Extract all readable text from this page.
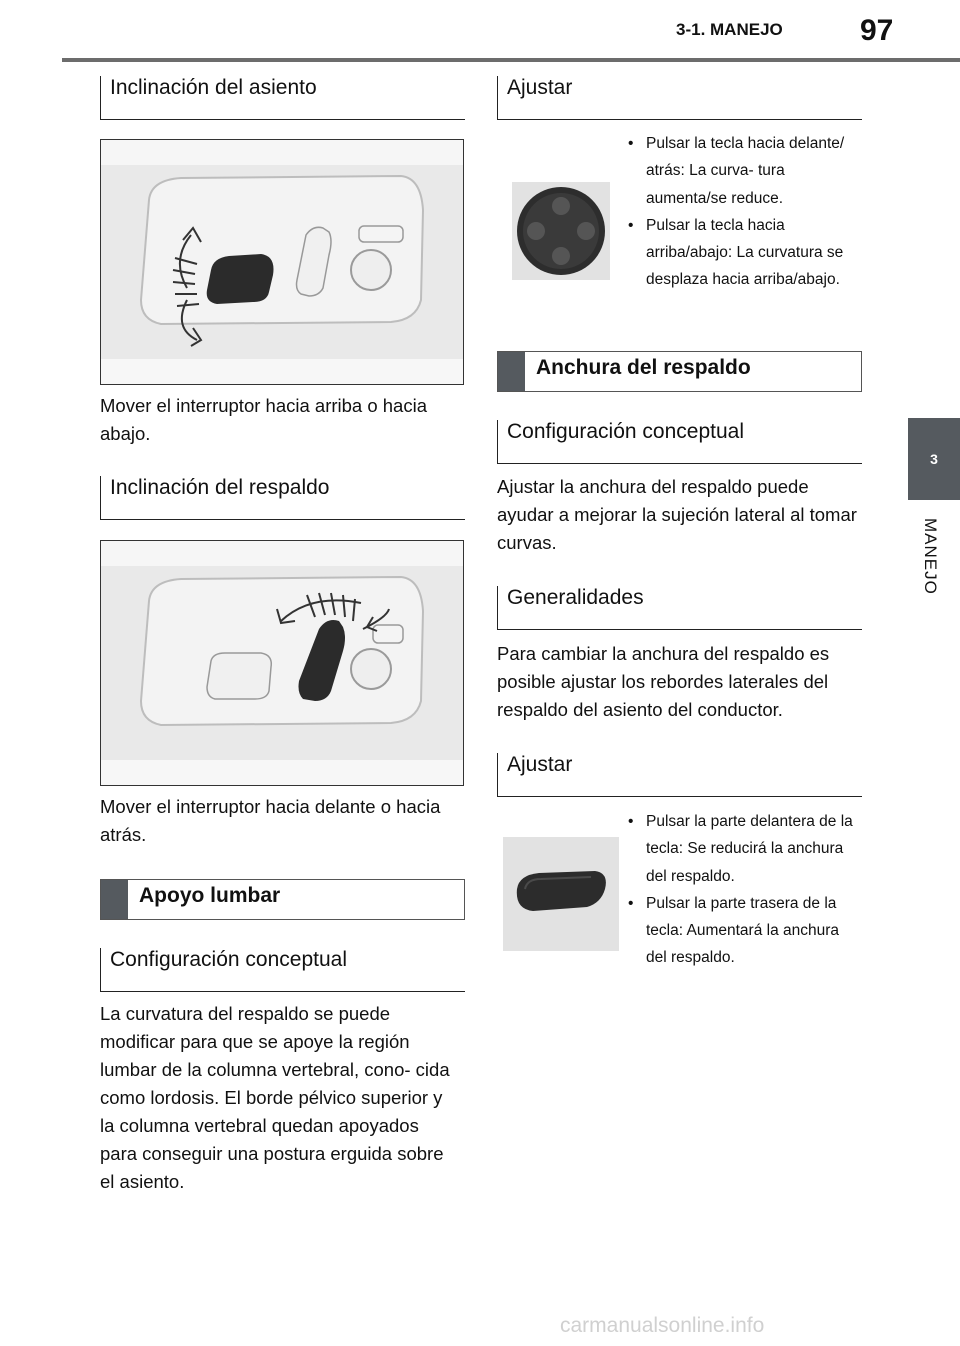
3-1. MANEJO	97
3
MANEJO
Inclinación del asiento
Mover el interruptor hacia arriba o hacia abajo.
Inclinación del respaldo
Mover el interruptor hacia delante o hacia atrás.
Apoyo lumbar
Configuración conceptual
La curvatura del respaldo se puede modificar para que se apoye la región lumbar de la columna vertebral, cono- cida como lordosis. El borde pélvico superior y la columna vertebral quedan apoyados para conseguir una postura erguida sobre el asiento.
Ajustar
• Pulsar la tecla hacia delante/ atrás: La curva- tura aumenta/se reduce.
• Pulsar la tecla hacia arriba/abajo: La curvatura se desplaza hacia arriba/abajo.
Anchura del respaldo
Configuración conceptual
Ajustar la anchura del respaldo puede ayudar a mejorar la sujeción lateral al tomar curvas.
Generalidades
Para cambiar la anchura del respaldo es posible ajustar los rebordes laterales del respaldo del asiento del conductor.
Ajustar
• Pulsar la parte delantera de la tecla: Se reducirá la anchura del respaldo.
• Pulsar la parte trasera de la tecla: Aumentará la anchura del respaldo.
carmanualsonline.info
